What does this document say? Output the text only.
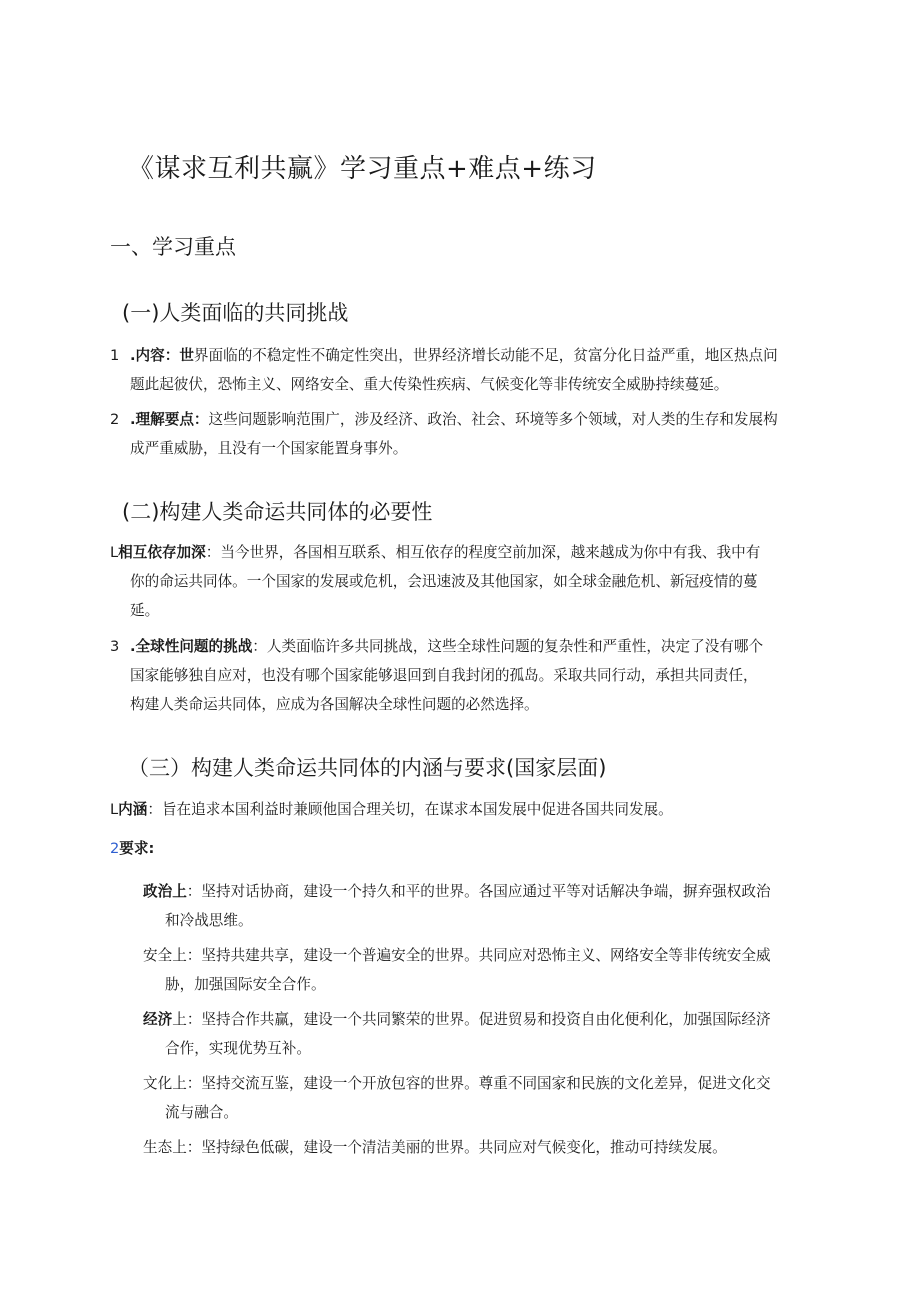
《谋求互利共赢》学习重点+难点+练习
一、学习重点
(一)人类面临的共同挑战
1 .内容：世界面临的不稳定性不确定性突出，世界经济增长动能不足，贫富分化日益严重，地区热点问
题此起彼伏，恐怖主义、网络安全、重大传染性疾病、气候变化等非传统安全威胁持续蔓延。
2 .理解要点：这些问题影响范围广，涉及经济、政治、社会、环境等多个领域，对人类的生存和发展构
成严重威胁，且没有一个国家能置身事外。
(二)构建人类命运共同体的必要性
L相互依存加深：当今世界，各国相互联系、相互依存的程度空前加深，越来越成为你中有我、我中有
你的命运共同体。一个国家的发展或危机，会迅速波及其他国家，如全球金融危机、新冠疫情的蔓
延。
3 .全球性问题的挑战：人类面临许多共同挑战，这些全球性问题的复杂性和严重性，决定了没有哪个
国家能够独自应对，也没有哪个国家能够退回到自我封闭的孤岛。采取共同行动，承担共同责任，
构建人类命运共同体，应成为各国解决全球性问题的必然选择。
（三）构建人类命运共同体的内涵与要求(国家层面)
L内涵：旨在追求本国利益时兼顾他国合理关切，在谋求本国发展中促进各国共同发展。
2要求:
政治上：坚持对话协商，建设一个持久和平的世界。各国应通过平等对话解决争端，摒弃强权政治
和冷战思维。
安全上：坚持共建共享，建设一个普遍安全的世界。共同应对恐怖主义、网络安全等非传统安全威
胁，加强国际安全合作。
经济上：坚持合作共赢，建设一个共同繁荣的世界。促进贸易和投资自由化便利化，加强国际经济
合作，实现优势互补。
文化上：坚持交流互鉴，建设一个开放包容的世界。尊重不同国家和民族的文化差异，促进文化交
流与融合。
生态上：坚持绿色低碳，建设一个清洁美丽的世界。共同应对气候变化，推动可持续发展。
